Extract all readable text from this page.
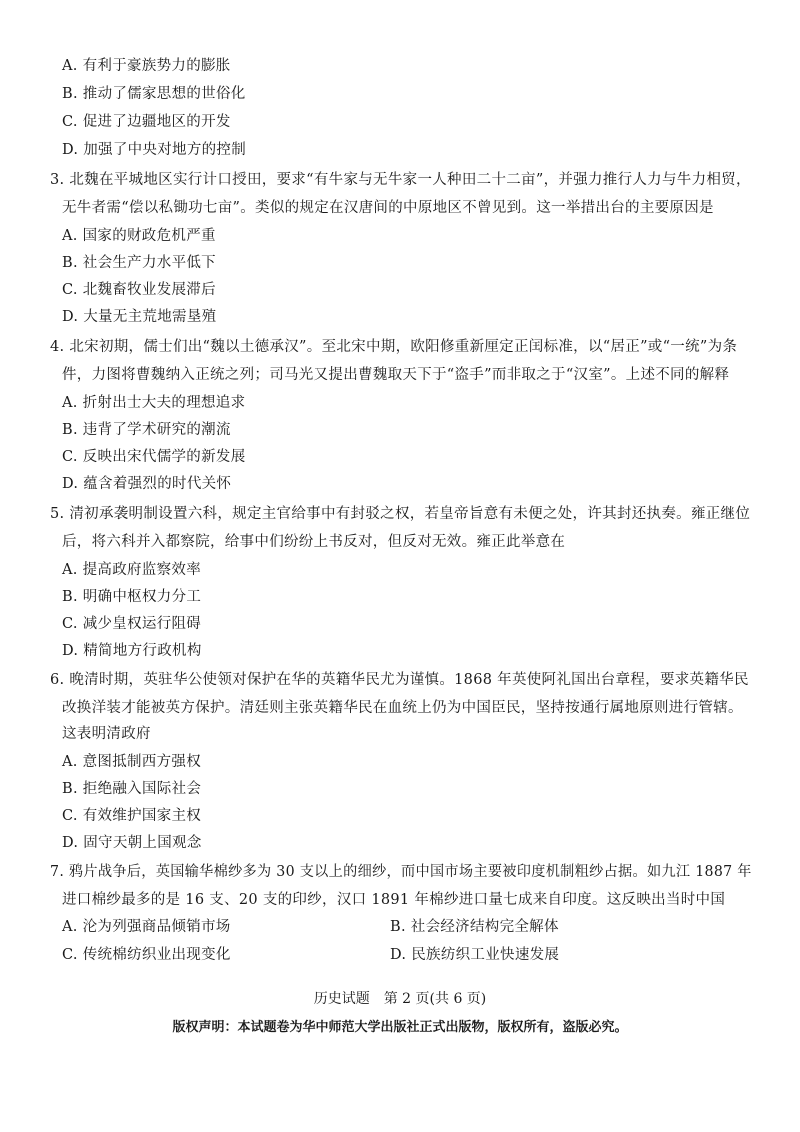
A. 有利于豪族势力的膨胀
B. 推动了儒家思想的世俗化
C. 促进了边疆地区的开发
D. 加强了中央对地方的控制
3. 北魏在平城地区实行计口授田，要求“有牛家与无牛家一人种田二十二亩”，并强力推行人力与牛力相贸，
无牛者需“偿以私锄功七亩”。类似的规定在汉唐间的中原地区不曾见到。这一举措出台的主要原因是
A. 国家的财政危机严重
B. 社会生产力水平低下
C. 北魏畜牧业发展滞后
D. 大量无主荒地需垦殖
4. 北宋初期，儒士们出“魏以土德承汉”。至北宋中期，欧阳修重新厘定正闰标准，以“居正”或“一统”为条
件，力图将曹魏纳入正统之列；司马光又提出曹魏取天下于“盗手”而非取之于“汉室”。上述不同的解释
A. 折射出士大夫的理想追求
B. 违背了学术研究的潮流
C. 反映出宋代儒学的新发展
D. 蕴含着强烈的时代关怀
5. 清初承袭明制设置六科，规定主官给事中有封驳之权，若皇帝旨意有未便之处，许其封还执奏。雍正继位
后，将六科并入都察院，给事中们纷纷上书反对，但反对无效。雍正此举意在
A. 提高政府监察效率
B. 明确中枢权力分工
C. 减少皇权运行阻碍
D. 精简地方行政机构
6. 晚清时期，英驻华公使领对保护在华的英籍华民尤为谨慎。1868 年英使阿礼国出台章程，要求英籍华民
改换洋装才能被英方保护。清廷则主张英籍华民在血统上仍为中国臣民，坚持按通行属地原则进行管辖。
这表明清政府
A. 意图抵制西方强权
B. 拒绝融入国际社会
C. 有效维护国家主权
D. 固守天朝上国观念
7. 鸦片战争后，英国输华棉纱多为 30 支以上的细纱，而中国市场主要被印度机制粗纱占据。如九江 1887 年
进口棉纱最多的是 16 支、20 支的印纱，汉口 1891 年棉纱进口量七成来自印度。这反映出当时中国
A. 沦为列强商品倾销市场	B. 社会经济结构完全解体
C. 传统棉纺织业出现变化	D. 民族纺织工业快速发展
历史试题　第 2 页(共 6 页)
版权声明：本试题卷为华中师范大学出版社正式出版物，版权所有，盗版必究。
